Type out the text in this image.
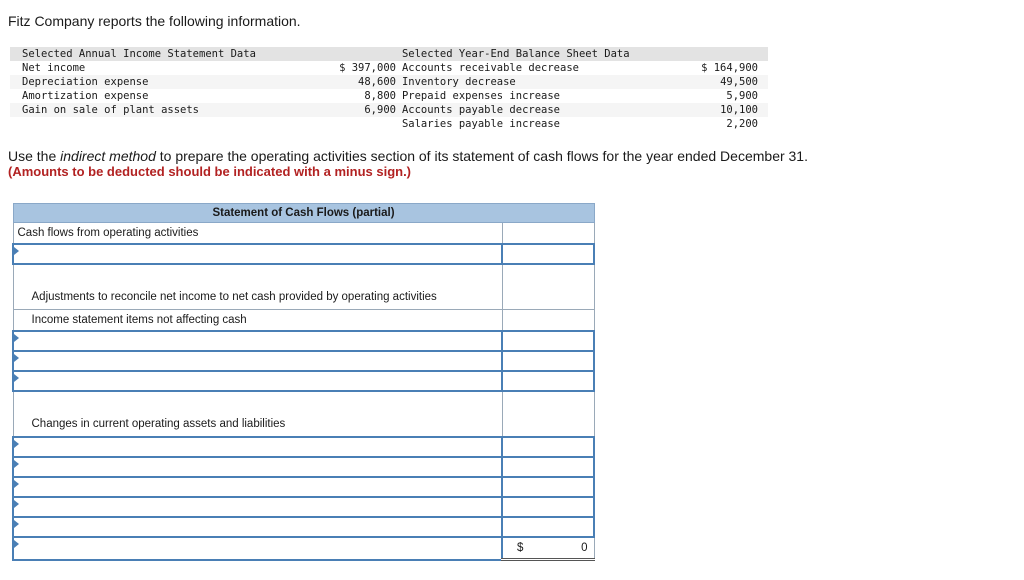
Fitz Company reports the following information.
Selected Annual Income Statement Data		Selected Year-End Balance Sheet Data	
Net income	$ 397,000	Accounts receivable decrease	$ 164,900
Depreciation expense	48,600	Inventory decrease	49,500
Amortization expense	8,800	Prepaid expenses increase	5,900
Gain on sale of plant assets	6,900	Accounts payable decrease	10,100
		Salaries payable increase	2,200
Use the indirect method to prepare the operating activities section of its statement of cash flows for the year ended December 31.
(Amounts to be deducted should be indicated with a minus sign.)
Statement of Cash Flows (partial)	
Cash flows from operating activities	

Adjustments to reconcile net income to net cash provided by operating activities	
Income statement items not affecting cash	

Changes in current operating assets and liabilities	

	$ 0
